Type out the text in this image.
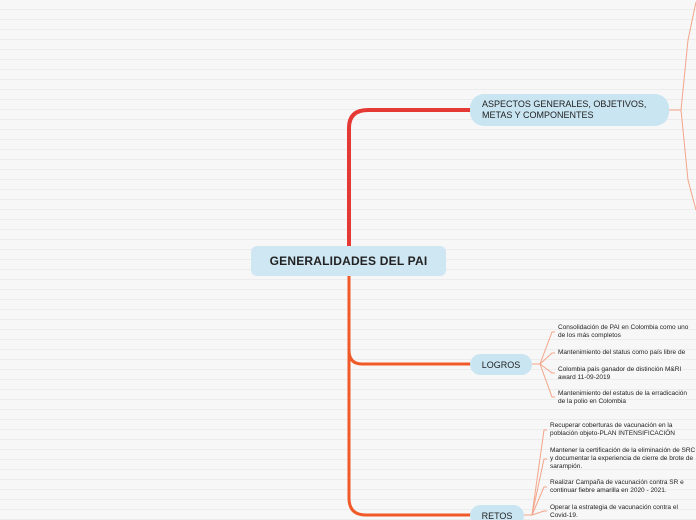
GENERALIDADES DEL PAI
ASPECTOS GENERALES, OBJETIVOS, METAS Y COMPONENTES
LOGROS
RETOS
Consolidación de PAI en Colombia como uno de los más completos
Mantenimiento del status como país libre de
Colombia país ganador de distinción M&RI award 11-09-2019
Mantenimiento del estatus de la erradicación de la polio en Colombia
Recuperar coberturas de vacunación en la población objeto-PLAN INTENSIFICACIÓN
Mantener la certificación de la eliminación de SRC y documentar la experiencia de cierre de brote de sarampión.
Realizar Campaña de vacunación contra SR e continuar fiebre amarilla en 2020 - 2021.
Operar la estrategia de vacunación contra el Covid-19.
